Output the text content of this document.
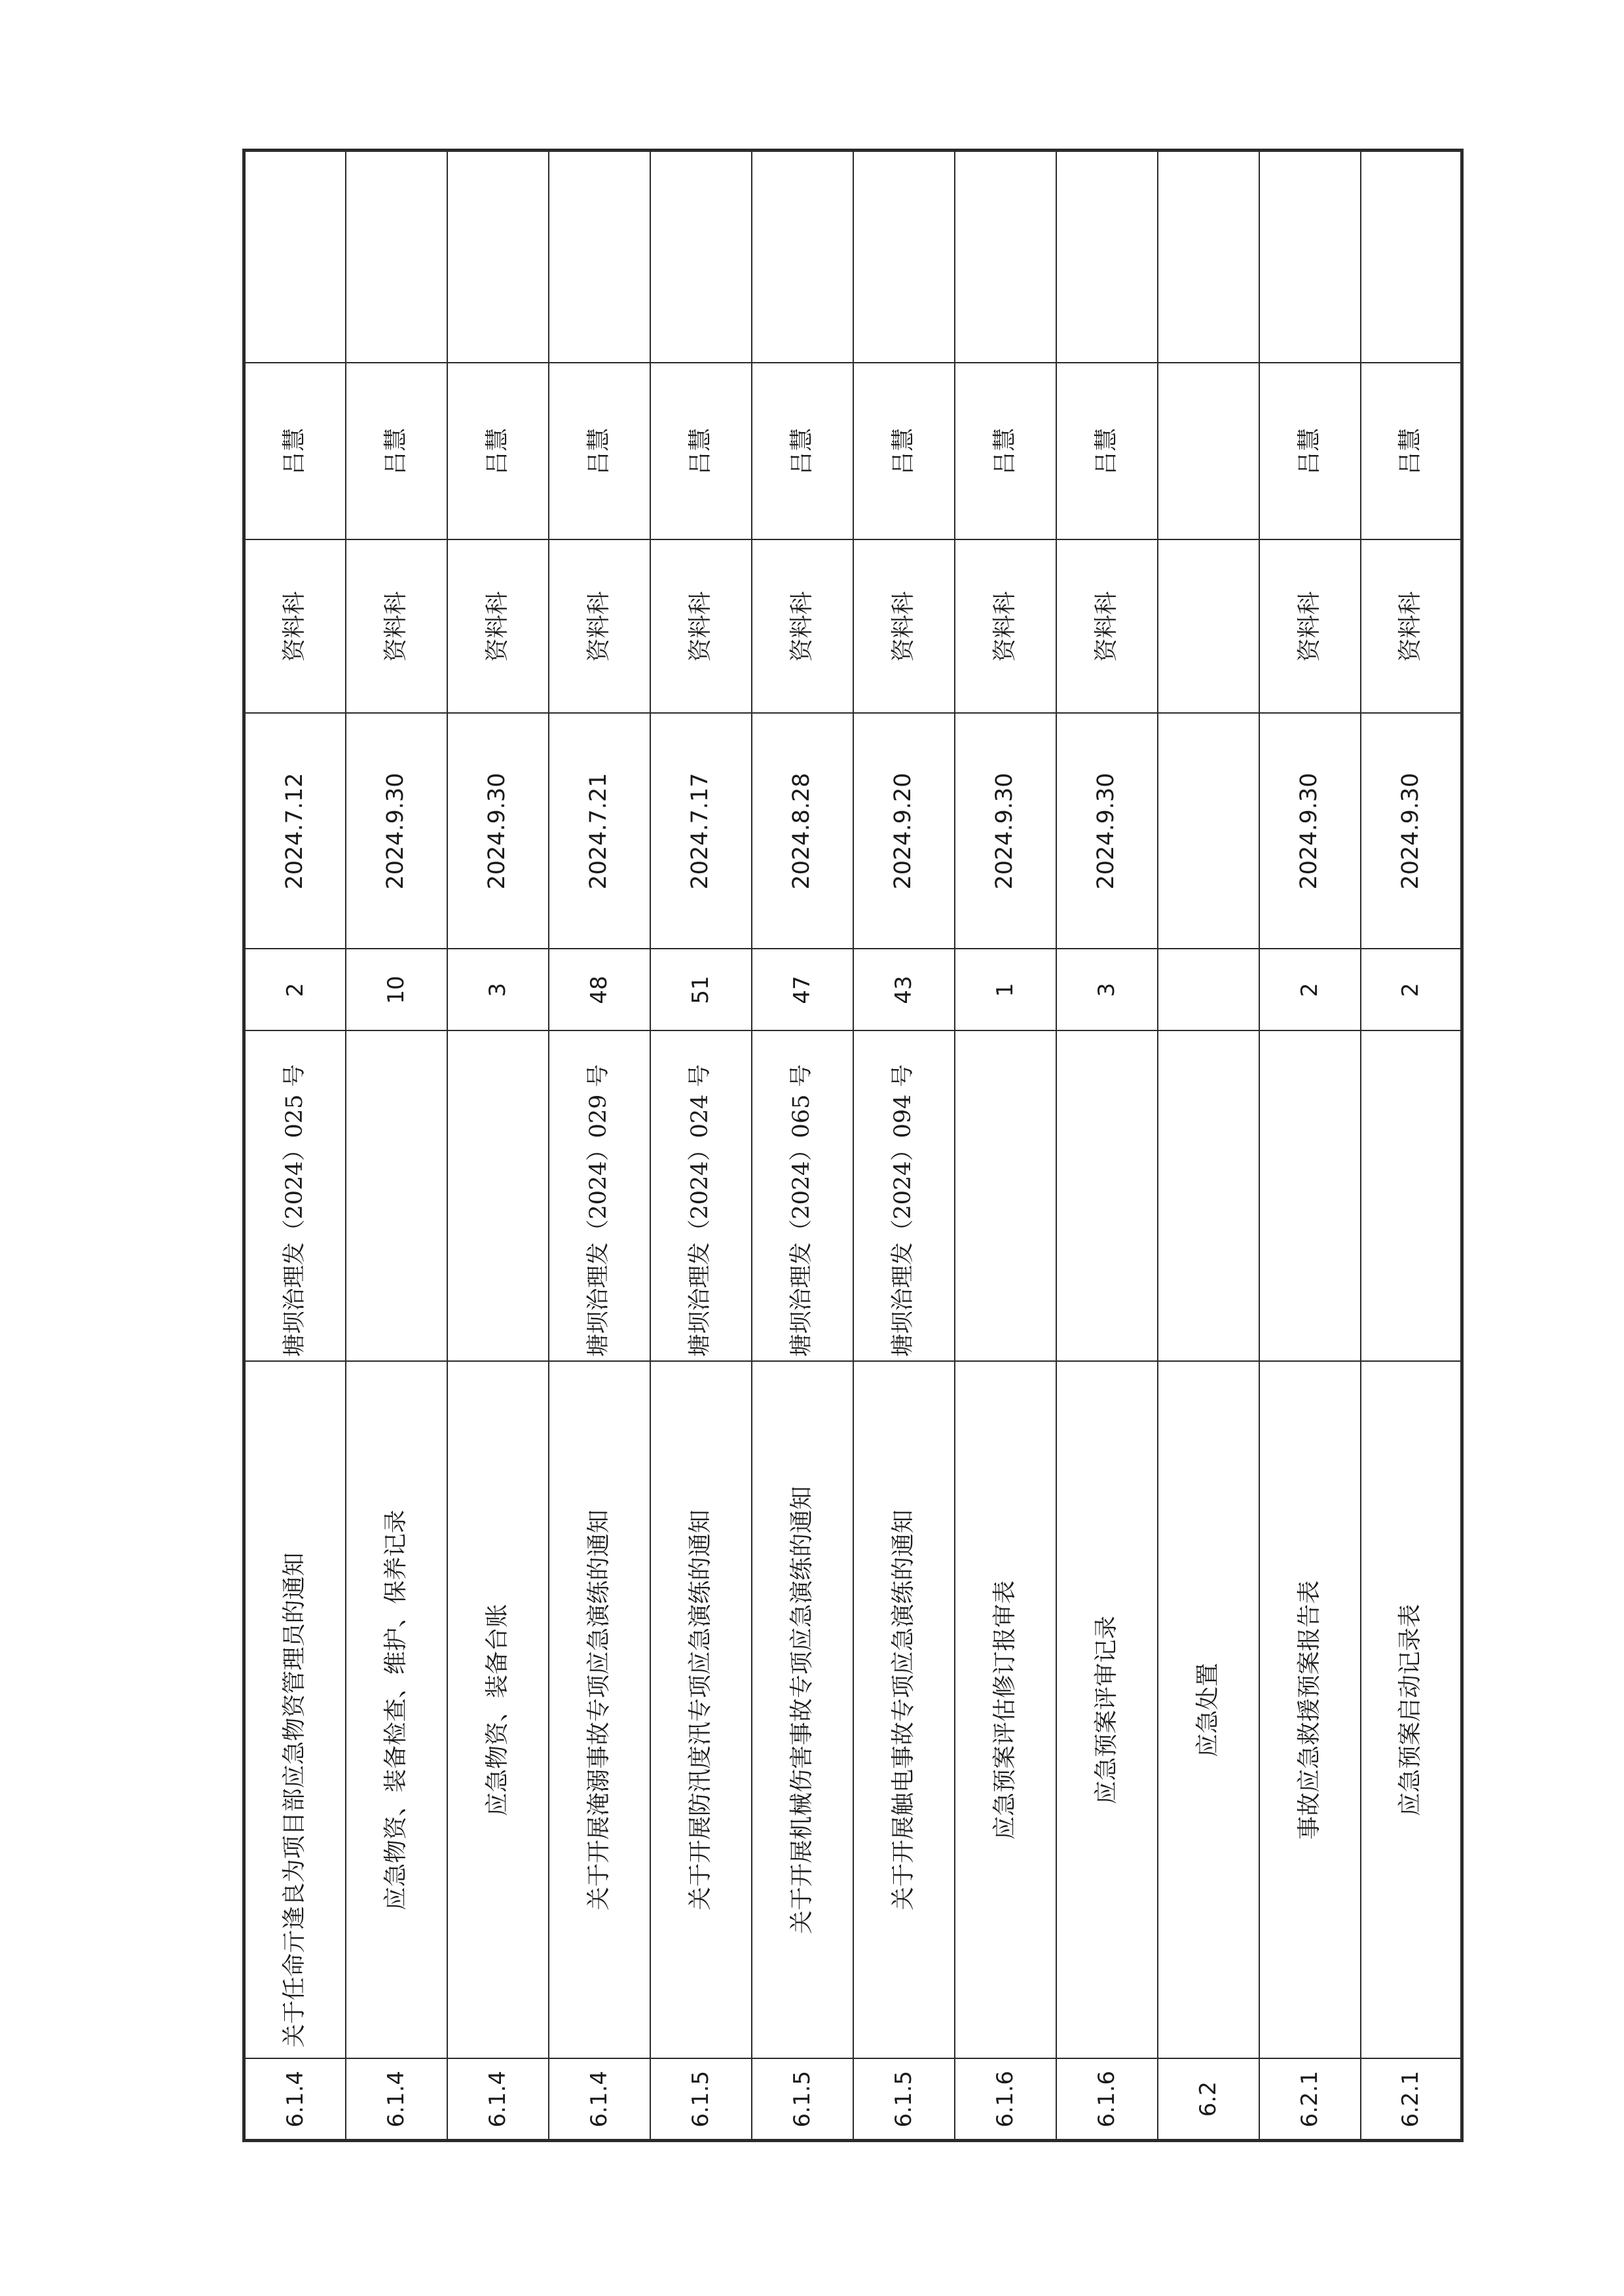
6.1.4	关于任命亓逢良为项目部应急物资管理员的通知	塘坝治理发（2024）025 号	2	2024.7.12	资料科	吕慧	
6.1.4	应急物资、装备检查、维护、保养记录		10	2024.9.30	资料科	吕慧	
6.1.4	应急物资、装备台账		3	2024.9.30	资料科	吕慧	
6.1.4	关于开展淹溺事故专项应急演练的通知	塘坝治理发（2024）029 号	48	2024.7.21	资料科	吕慧	
6.1.5	关于开展防汛度汛专项应急演练的通知	塘坝治理发（2024）024 号	51	2024.7.17	资料科	吕慧	
6.1.5	关于开展机械伤害事故专项应急演练的通知	塘坝治理发（2024）065 号	47	2024.8.28	资料科	吕慧	
6.1.5	关于开展触电事故专项应急演练的通知	塘坝治理发（2024）094 号	43	2024.9.20	资料科	吕慧	
6.1.6	应急预案评估修订报审表		1	2024.9.30	资料科	吕慧	
6.1.6	应急预案评审记录		3	2024.9.30	资料科	吕慧	
6.2	应急处置						
6.2.1	事故应急救援预案报告表		2	2024.9.30	资料科	吕慧	
6.2.1	应急预案启动记录表		2	2024.9.30	资料科	吕慧	
